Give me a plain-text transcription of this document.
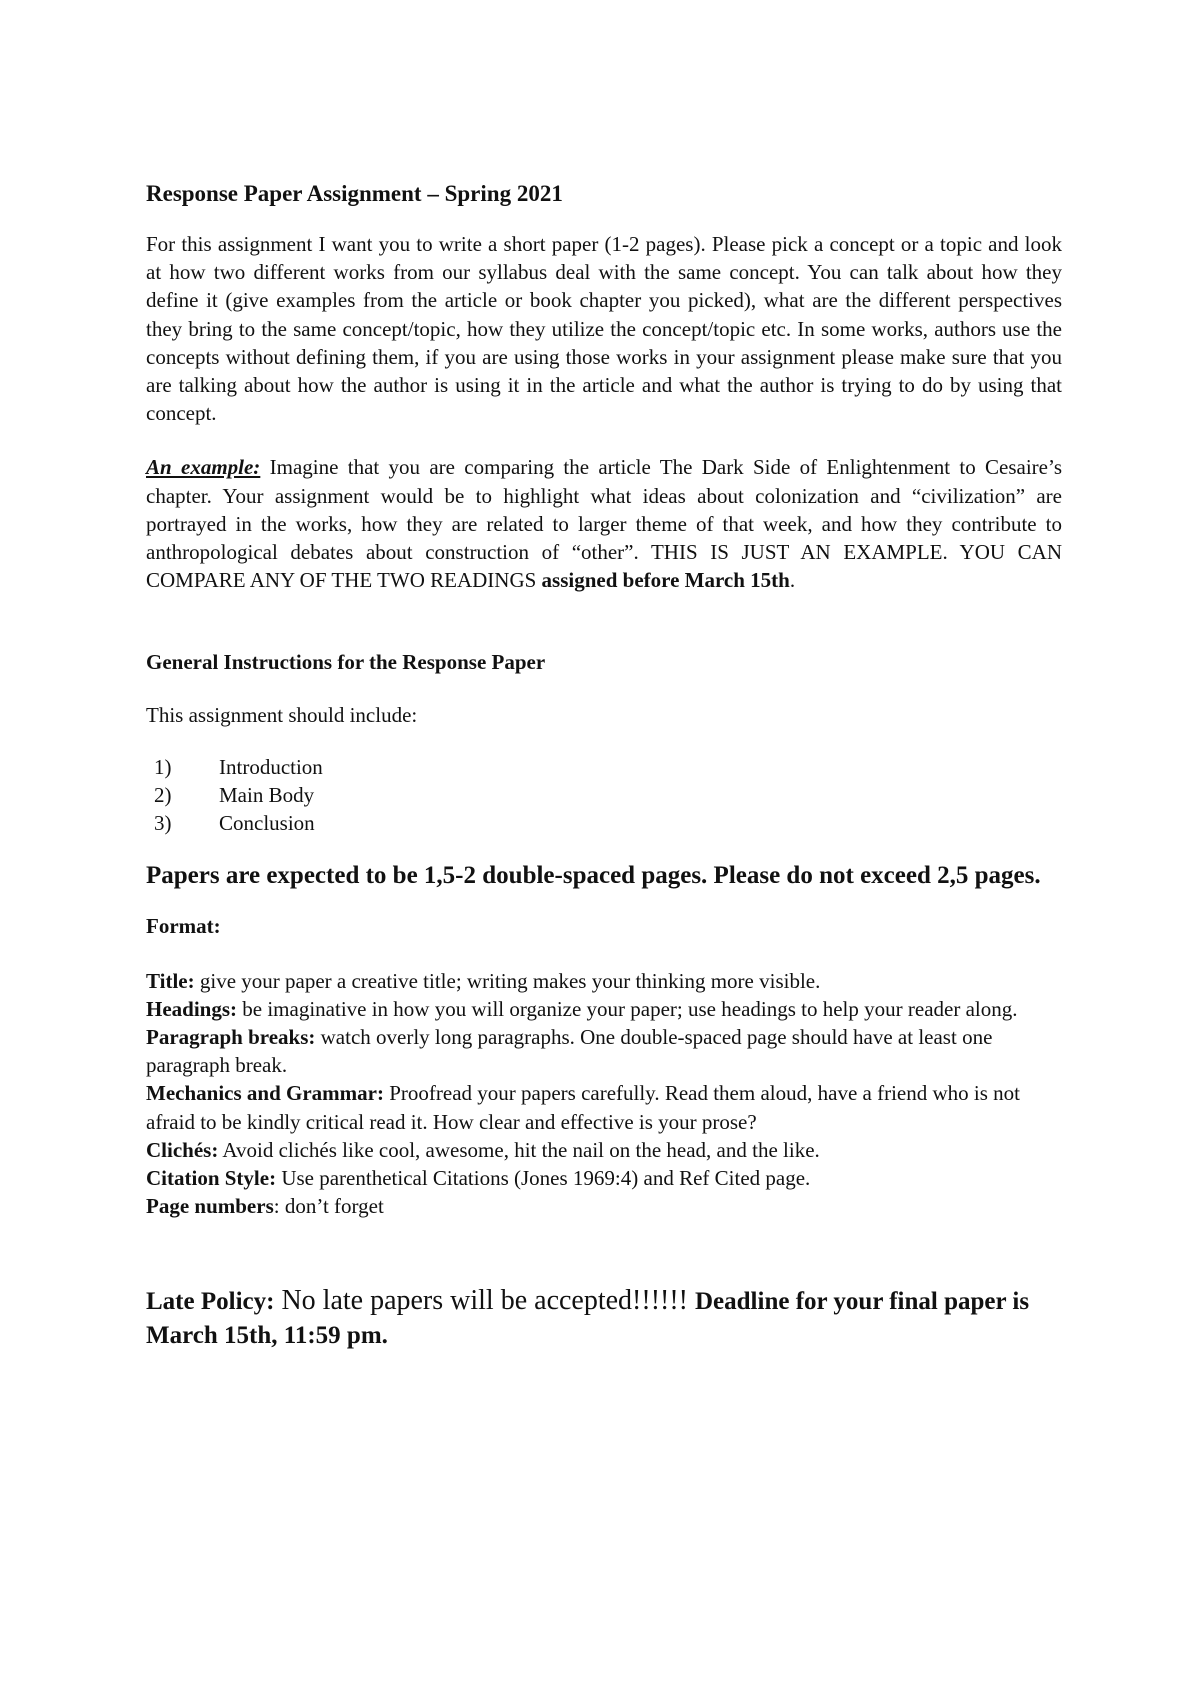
Response Paper Assignment – Spring 2021

For this assignment I want you to write a short paper (1-2 pages). Please pick a concept or a topic and look at how two different works from our syllabus deal with the same concept. You can talk about how they define it (give examples from the article or book chapter you picked), what are the different perspectives they bring to the same concept/topic, how they utilize the concept/topic etc. In some works, authors use the concepts without defining them, if you are using those works in your assignment please make sure that you are talking about how the author is using it in the article and what the author is trying to do by using that concept.

An example: Imagine that you are comparing the article The Dark Side of Enlightenment to Cesaire’s chapter. Your assignment would be to highlight what ideas about colonization and “civilization” are portrayed in the works, how they are related to larger theme of that week, and how they contribute to anthropological debates about construction of “other”. THIS IS JUST AN EXAMPLE. YOU CAN COMPARE ANY OF THE TWO READINGS assigned before March 15th.

General Instructions for the Response Paper
This assignment should include:
1) Introduction
2) Main Body
3) Conclusion
Papers are expected to be 1,5-2 double-spaced pages. Please do not exceed 2,5 pages.
Format:
Title: give your paper a creative title; writing makes your thinking more visible.
Headings: be imaginative in how you will organize your paper; use headings to help your reader along.
Paragraph breaks: watch overly long paragraphs. One double-spaced page should have at least one paragraph break.
Mechanics and Grammar: Proofread your papers carefully. Read them aloud, have a friend who is not afraid to be kindly critical read it. How clear and effective is your prose?
Clichés: Avoid clichés like cool, awesome, hit the nail on the head, and the like.
Citation Style: Use parenthetical Citations (Jones 1969:4) and Ref Cited page.
Page numbers: don’t forget
Late Policy: No late papers will be accepted!!!!!! Deadline for your final paper is March 15th, 11:59 pm.
